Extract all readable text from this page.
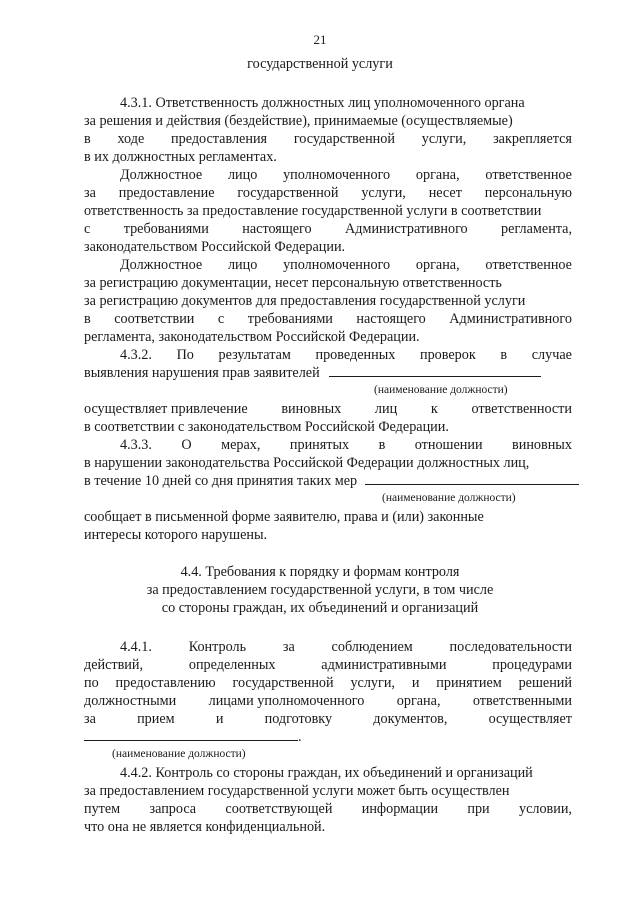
21
государственной услуги
4.3.1. Ответственность должностных лиц уполномоченного органа
за решения и действия (бездействие), принимаемые (осуществляемые)
в ходе предоставления государственной услуги, закрепляется
в их должностных регламентах.
Должностное лицо уполномоченного органа, ответственное
за предоставление государственной услуги, несет персональную
ответственность за предоставление государственной услуги в соответствии
с требованиями настоящего Административного регламента,
законодательством Российской Федерации.
Должностное лицо уполномоченного органа, ответственное
за регистрацию документации, несет персональную ответственность
за регистрацию документов для предоставления государственной услуги
в соответствии с требованиями настоящего Административного
регламента, законодательством Российской Федерации.
4.3.2. По результатам проведенных проверок в случае
выявления нарушения прав заявителей
(наименование должности)
осуществляет привлечение виновных лиц к ответственности
в соответствии с законодательством Российской Федерации.
4.3.3. О мерах, принятых в отношении виновных
в нарушении законодательства Российской Федерации должностных лиц,
в течение 10 дней со дня принятия таких мер
(наименование должности)
сообщает в письменной форме заявителю, права и (или) законные
интересы которого нарушены.
4.4. Требования к порядку и формам контроля
за предоставлением государственной услуги, в том числе
со стороны граждан, их объединений и организаций
4.4.1.	Контроль	за	соблюдением	последовательности
действий,	определенных	административными	процедурами
по предоставлению государственной услуги, и принятием решений
должностными лицами уполномоченного органа, ответственными
за	прием	и	подготовку	документов,	осуществляет
.
(наименование должности)
4.4.2. Контроль со стороны граждан, их объединений и организаций
за предоставлением государственной услуги может быть осуществлен
путем запроса соответствующей информации при условии,
что она не является конфиденциальной.
